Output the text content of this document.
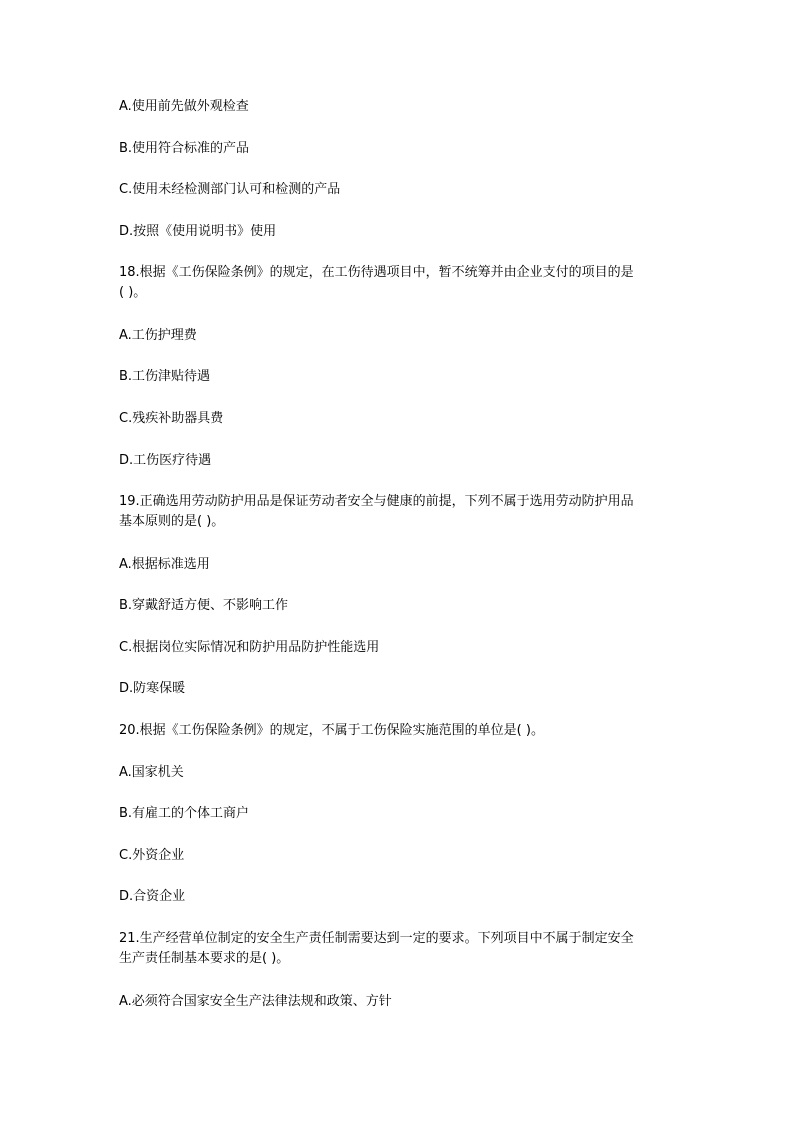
A.使用前先做外观检查
B.使用符合标准的产品
C.使用未经检测部门认可和检测的产品
D.按照《使用说明书》使用
18.根据《工伤保险条例》的规定，在工伤待遇项目中，暂不统筹并由企业支付的项目的是
( )。
A.工伤护理费
B.工伤津贴待遇
C.残疾补助器具费
D.工伤医疗待遇
19.正确选用劳动防护用品是保证劳动者安全与健康的前提，下列不属于选用劳动防护用品
基本原则的是( )。
A.根据标准选用
B.穿戴舒适方便、不影响工作
C.根据岗位实际情况和防护用品防护性能选用
D.防寒保暖
20.根据《工伤保险条例》的规定，不属于工伤保险实施范围的单位是( )。
A.国家机关
B.有雇工的个体工商户
C.外资企业
D.合资企业
21.生产经营单位制定的安全生产责任制需要达到一定的要求。下列项目中不属于制定安全
生产责任制基本要求的是( )。
A.必须符合国家安全生产法律法规和政策、方针
